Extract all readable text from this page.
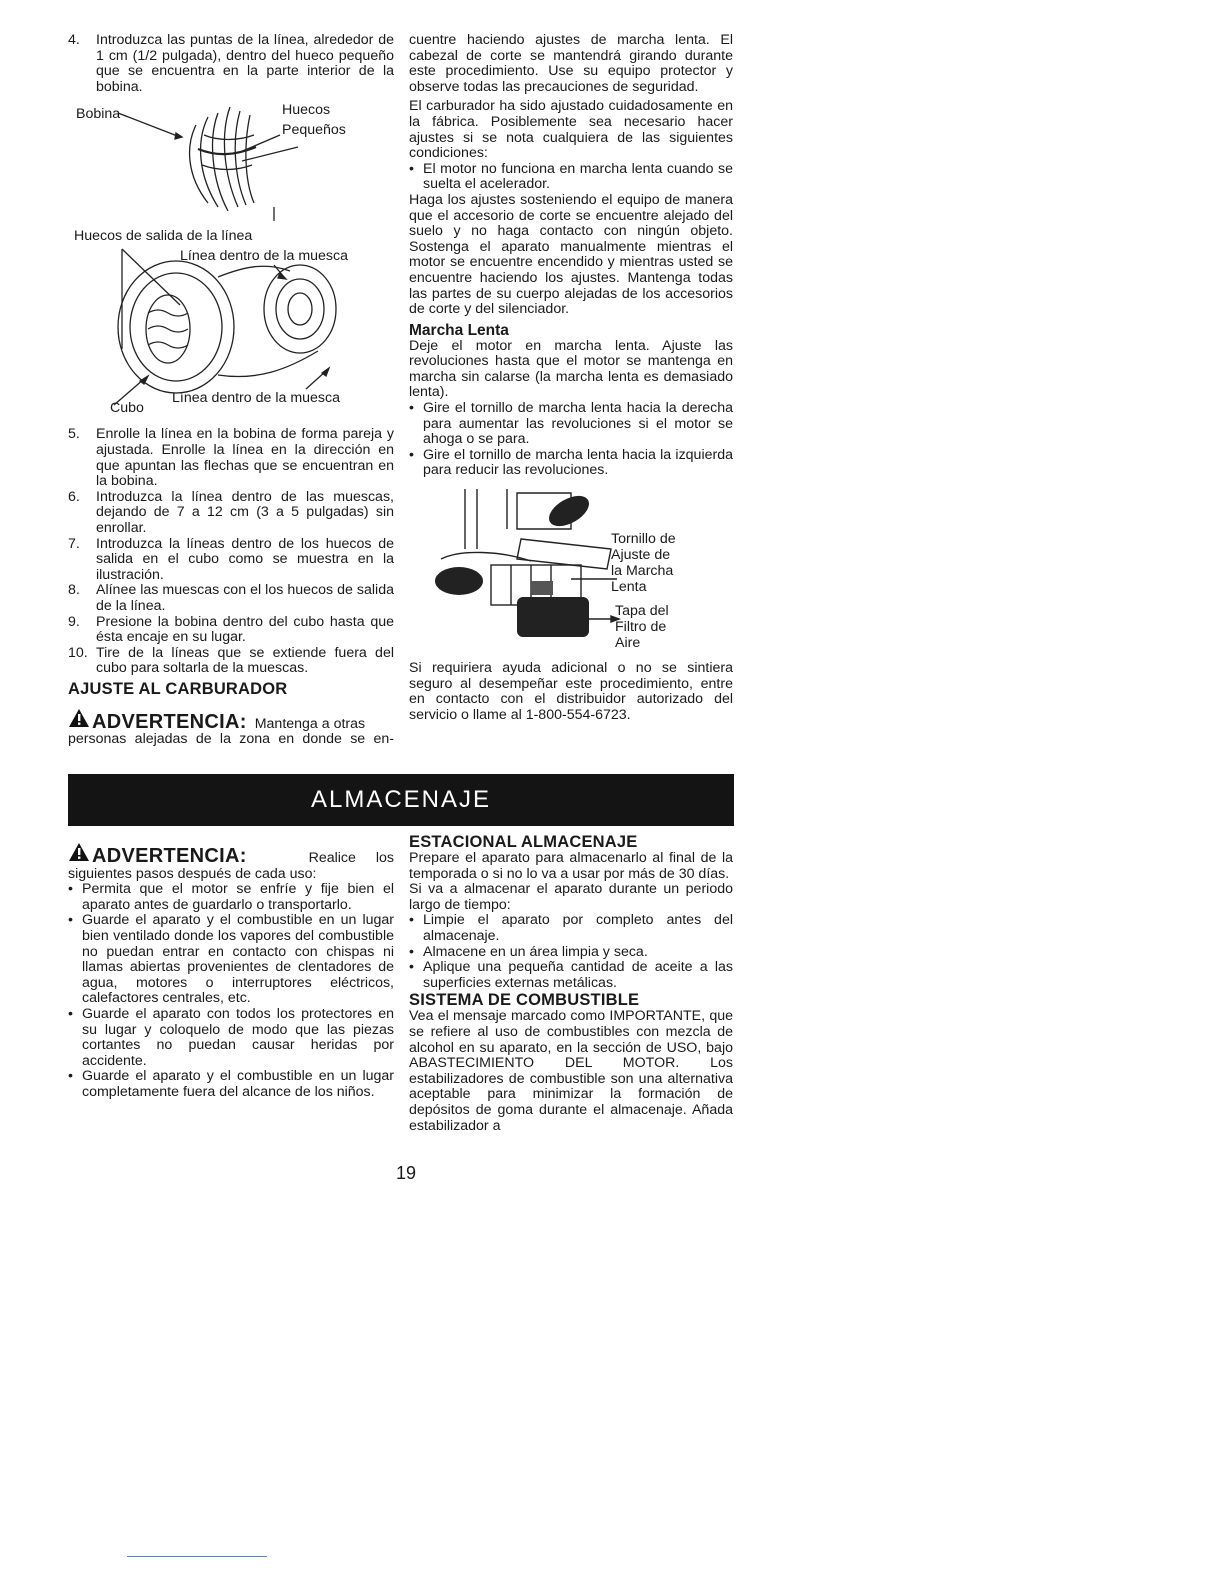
4.	Introduzca las puntas de la línea, alrededor de 1 cm (1/2 pulgada), dentro del hueco pequeño que se encuentra en la parte interior de la bobina.
Bobina	Huecos
Pequeños
Huecos de salida de la línea
Línea dentro de la muesca
Línea dentro de la muesca
Cubo
5.	Enrolle la línea en la bobina de forma pareja y ajustada. Enrolle la línea en la dirección en que apuntan las flechas que se encuentran en la bobina.
6.	Introduzca la línea dentro de las muescas, dejando de 7 a 12 cm (3 a 5 pulgadas) sin enrollar.
7.	Introduzca la líneas dentro de los huecos de salida en el cubo como se muestra en la ilustración.
8.	Alínee las muescas con el los huecos de salida de la línea.
9.	Presione la bobina dentro del cubo hasta que ésta encaje en su lugar.
10. Tire de la líneas que se extiende fuera del cubo para soltarla de la muescas.
AJUSTE AL CARBURADOR
ADVERTENCIA: Mantenga a otras

personas alejadas de la zona en donde se en-

cuentre haciendo ajustes de marcha lenta. El cabezal de corte se mantendrá girando durante este procedimiento. Use su equipo protector y observe todas las precauciones de seguridad.

El carburador ha sido ajustado cuidadosamente en la fábrica. Posiblemente sea necesario hacer ajustes si se nota cualquiera de las siguientes condiciones:

• El motor no funciona en marcha lenta cuando se suelta el acelerador.

Haga los ajustes sosteniendo el equipo de manera que el accesorio de corte se encuentre alejado del suelo y no haga contacto con ningún objeto. Sostenga el aparato manualmente mientras el motor se encuentre encendido y mientras usted se encuentre haciendo los ajustes. Mantenga todas las partes de su cuerpo alejadas de los accesorios de corte y del silenciador.

Marcha Lenta

Deje el motor en marcha lenta. Ajuste las revoluciones hasta que el motor se mantenga en marcha sin calarse (la marcha lenta es demasiado lenta).

• Gire el tornillo de marcha lenta hacia la derecha para aumentar las revoluciones si el motor se ahoga o se para.
• Gire el tornillo de marcha lenta hacia la izquierda para reducir las revoluciones.
Tornillo de
Ajuste de
la Marcha
Lenta
Tapa del
Filtro de
Aire

Si requiriera ayuda adicional o no se sintiera seguro al desempeñar este procedimiento, entre en contacto con el distribuidor autorizado del servicio o llame al 1-800-554-6723.

ALMACENAJE
ADVERTENCIA:	Realice los

siguientes pasos después de cada uso:

• Permita que el motor se enfríe y fije bien el aparato antes de guardarlo o transportarlo.
• Guarde el aparato y el combustible en un lugar bien ventilado donde los vapores del combustible no puedan entrar en contacto con chispas ni llamas abiertas provenientes de clentadores de agua, motores o interruptores eléctricos, calefactores centrales, etc.
• Guarde el aparato con todos los protectores en su lugar y coloquelo de modo que las piezas cortantes no puedan causar heridas por accidente.
• Guarde el aparato y el combustible en un lugar completamente fuera del alcance de los niños.
ESTACIONAL ALMACENAJE

Prepare el aparato para almacenarlo al final de la temporada o si no lo va a usar por más de 30 días.

Si va a almacenar el aparato durante un periodo largo de tiempo:

• Limpie el aparato por completo antes del almacenaje.
• Almacene en un área limpia y seca.
• Aplique una pequeña cantidad de aceite a las superficies externas metálicas.
SISTEMA DE COMBUSTIBLE

Vea el mensaje marcado como IMPORTANTE, que se refiere al uso de combustibles con mezcla de alcohol en su aparato, en la sección de USO, bajo ABASTECIMIENTO DEL MOTOR. Los estabilizadores de combustible son una alternativa aceptable para minimizar la formación de depósitos de goma durante el almacenaje. Añada estabilizador a

19
